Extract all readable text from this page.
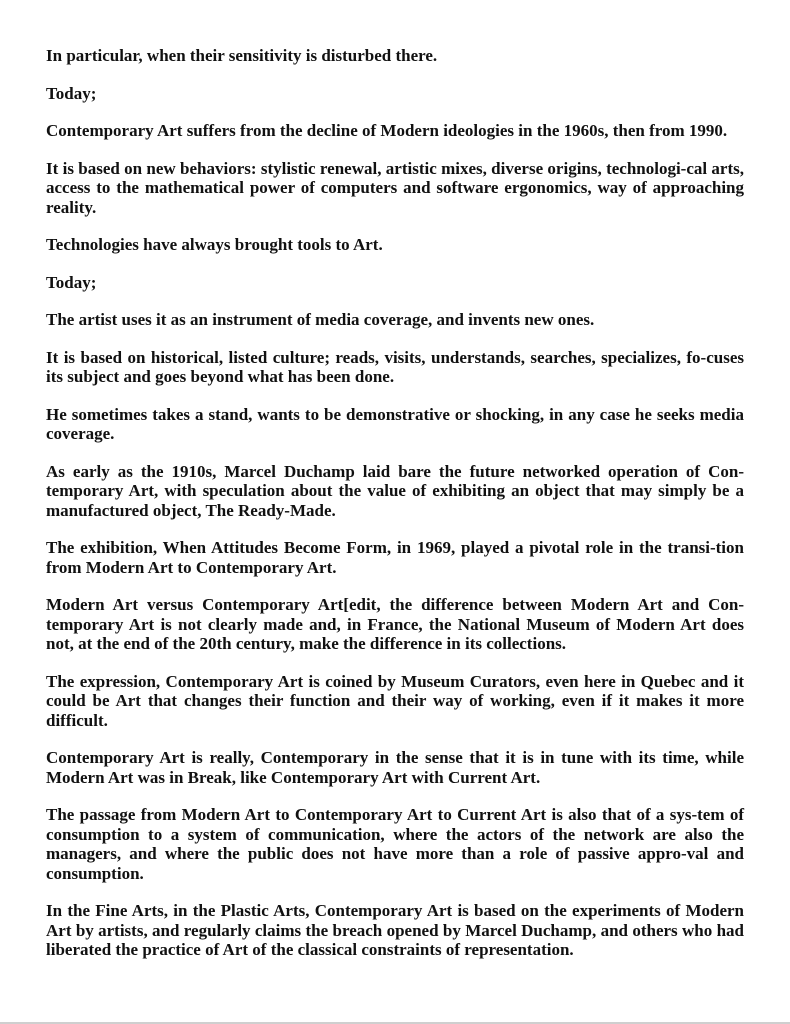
In particular, when their sensitivity is disturbed there.

Today;

Contemporary Art suffers from the decline of Modern ideologies in the 1960s, then from 1990.

It is based on new behaviors: stylistic renewal, artistic mixes, diverse origins, technologi-cal arts, access to the mathematical power of computers and software ergonomics, way of approaching reality.

Technologies have always brought tools to Art.

Today;

The artist uses it as an instrument of media coverage, and invents new ones.

It is based on historical, listed culture; reads, visits, understands, searches, specializes, fo-cuses its subject and goes beyond what has been done.

He sometimes takes a stand, wants to be demonstrative or shocking, in any case he seeks media coverage.

As early as the 1910s, Marcel Duchamp laid bare the future networked operation of Con-temporary Art, with speculation about the value of exhibiting an object that may simply be a manufactured object, The Ready-Made.

The exhibition, When Attitudes Become Form, in 1969, played a pivotal role in the transi-tion from Modern Art to Contemporary Art.

Modern Art versus Contemporary Art[edit, the difference between Modern Art and Con-temporary Art is not clearly made and, in France, the National Museum of Modern Art does not, at the end of the 20th century, make the difference in its collections.

The expression, Contemporary Art is coined by Museum Curators, even here in Quebec and it could be Art that changes their function and their way of working, even if it makes it more difficult.

Contemporary Art is really, Contemporary in the sense that it is in tune with its time, while Modern Art was in Break, like Contemporary Art with Current Art.

The passage from Modern Art to Contemporary Art to Current Art is also that of a sys-tem of consumption to a system of communication, where the actors of the network are also the managers, and where the public does not have more than a role of passive appro-val and consumption.

In the Fine Arts, in the Plastic Arts, Contemporary Art is based on the experiments of Modern Art by artists, and regularly claims the breach opened by Marcel Duchamp, and others who had liberated the practice of Art of the classical constraints of representation.
